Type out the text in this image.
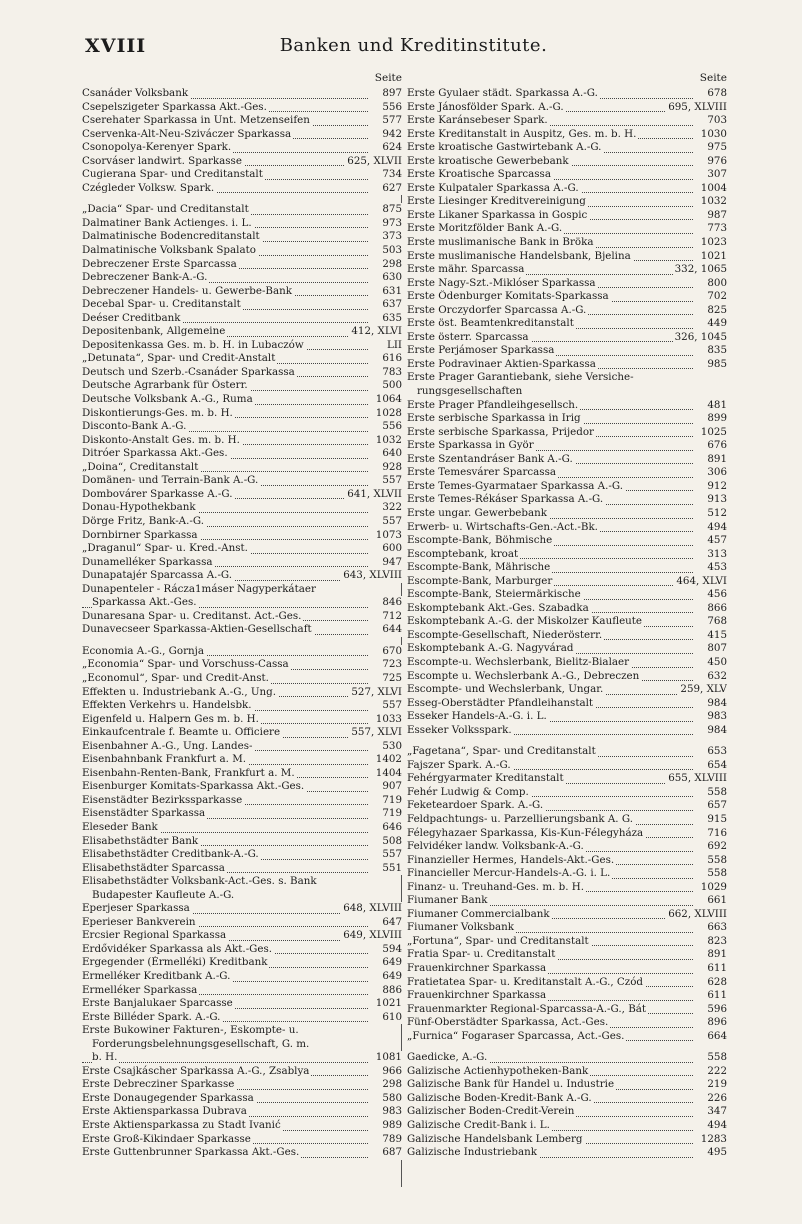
XVIII	Banken und Kreditinstitute.
Seite
Csanáder Volksbank	897
Csepelszigeter Sparkassa Akt.-Ges.	556
Cserehater Sparkassa in Unt. Metzenseifen	577
Cservenka-Alt-Neu-Sziváczer Sparkassa	942
Csonopolya-Kerenyer Spark.	624
Csorváser landwirt. Sparkasse	625, XLVII
Cugierana Spar- und Creditanstalt	734
Czégleder Volksw. Spark.	627
„Dacia“ Spar- und Creditanstalt	875
Dalmatiner Bank Actienges. i. L.	973
Dalmatinische Bodencreditanstalt	373
Dalmatinische Volksbank Spalato	503
Debreczener Erste Sparcassa	298
Debreczener Bank-A.-G.	630
Debreczener Handels- u. Gewerbe-Bank	631
Decebal Spar- u. Creditanstalt	637
Deéser Creditbank	635
Depositenbank, Allgemeine	412, XLVI
Depositenkassa Ges. m. b. H. in Lubaczów	LII
„Detunata“, Spar- und Credit-Anstalt	616
Deutsch und Szerb.-Csanáder Sparkassa	783
Deutsche Agrarbank für Österr.	500
Deutsche Volksbank A.-G., Ruma	1064
Diskontierungs-Ges. m. b. H.	1028
Disconto-Bank A.-G.	556
Diskonto-Anstalt Ges. m. b. H.	1032
Ditróer Sparkassa Akt.-Ges.	640
„Doina“, Creditanstalt	928
Domänen- und Terrain-Bank A.-G.	557
Dombovárer Sparkasse A.-G.	641, XLVII
Donau-Hypothekbank	322
Dörge Fritz, Bank-A.-G.	557
Dornbirner Sparkassa	1073
„Draganul“ Spar- u. Kred.-Anst.	600
Dunamelléker Sparkassa	947
Dunapatajér Sparcassa A.-G.	643, XLVIII
Dunapenteler - Rácza1máser Nagyperkátaer
Sparkassa Akt.-Ges.	846
Dunaresana Spar- u. Creditanst. Act.-Ges.	712
Dunavecseer Sparkassa-Aktien-Gesellschaft	644
Economia A.-G., Gornja	670
„Economia“ Spar- und Vorschuss-Cassa	723
„Economul“, Spar- und Credit-Anst.	725
Effekten u. Industriebank A.-G., Ung.	527, XLVI
Effekten Verkehrs u. Handelsbk.	557
Eigenfeld u. Halpern Ges m. b. H.	1033
Einkaufcentrale f. Beamte u. Officiere	557, XLVI
Eisenbahner A.-G., Ung. Landes-	530
Eisenbahnbank Frankfurt a. M.	1402
Eisenbahn-Renten-Bank, Frankfurt a. M.	1404
Eisenburger Komitats-Sparkassa Akt.-Ges.	907
Eisenstädter Bezirkssparkasse	719
Eisenstädter Sparkassa	719
Eleseder Bank	646
Elisabethstädter Bank	508
Elisabethstädter Creditbank-A.-G.	557
Elisabethstädter Sparcassa	551
Elisabethstädter Volksbank-Act.-Ges. s. Bank
Budapester Kaufleute A.-G.
Eperjeser Sparkassa	648, XLVIII
Eperieser Bankverein	647
Ercsier Regional Sparkassa	649, XLVIII
Erdővidéker Sparkassa als Akt.-Ges.	594
Ergegender (Érmelléki) Kreditbank	649
Ermelléker Kreditbank A.-G.	649
Ermelléker Sparkassa	886
Erste Banjalukaer Sparcasse	1021
Erste Billéder Spark. A.-G.	610
Erste Bukowiner Fakturen-, Eskompte- u.
Forderungsbelehnungsgesellschaft, G. m.
b. H.	1081
Erste Csajkáscher Sparkassa A.-G., Zsablya	966
Erste Debrecziner Sparkasse	298
Erste Donaugegender Sparkassa	580
Erste Aktiensparkassa Dubrava	983
Erste Aktiensparkassa zu Stadt Ivanić	989
Erste Groß-Kikindaer Sparkasse	789
Erste Guttenbrunner Sparkassa Akt.-Ges.	687
Seite
Erste Gyulaer städt. Sparkassa A.-G.	678
Erste Jánosfölder Spark. A.-G.	695, XLVIII
Erste Karánsebeser Spark.	703
Erste Kreditanstalt in Auspitz, Ges. m. b. H.	1030
Erste kroatische Gastwirtebank A.-G.	975
Erste kroatische Gewerbebank	976
Erste Kroatische Sparcassa	307
Erste Kulpataler Sparkassa A.-G.	1004
Erste Liesinger Kreditvereinigung	1032
Erste Likaner Sparkassa in Gospic	987
Erste Moritzfölder Bank A.-G.	773
Erste muslimanische Bank in Bröka	1023
Erste muslimanische Handelsbank, Bjelina	1021
Erste mähr. Sparcassa	332, 1065
Erste Nagy-Szt.-Miklóser Sparkassa	800
Erste Ödenburger Komitats-Sparkassa	702
Erste Orczydorfer Sparcassa A.-G.	825
Erste öst. Beamtenkreditanstalt	449
Erste österr. Sparcassa	326, 1045
Erste Perjámoser Sparkassa	835
Erste Podravinaer Aktien-Sparkassa	985
Erste Prager Garantiebank, siehe Versiche-
rungsgesellschaften
Erste Prager Pfandleihgesellsch.	481
Erste serbische Sparkassa in Irig	899
Erste serbische Sparkassa, Prijedor	1025
Erste Sparkassa in Györ	676
Erste Szentandráser Bank A.-G.	891
Erste Temesvárer Sparcassa	306
Erste Temes-Gyarmataer Sparkassa A.-G.	912
Erste Temes-Rékáser Sparkassa A.-G.	913
Erste ungar. Gewerbebank	512
Erwerb- u. Wirtschafts-Gen.-Act.-Bk.	494
Escompte-Bank, Böhmische	457
Escomptebank, kroat	313
Escompte-Bank, Mährische	453
Escompte-Bank, Marburger	464, XLVI
Escompte-Bank, Steiermärkische	456
Eskomptebank Akt.-Ges. Szabadka	866
Eskomptebank A.-G. der Miskolzer Kaufleute	768
Escompte-Gesellschaft, Niederösterr.	415
Eskomptebank A.-G. Nagyvárad	807
Escompte-u. Wechslerbank, Bielitz-Bialaer	450
Escompte u. Wechslerbank A.-G., Debreczen	632
Escompte- und Wechslerbank, Ungar.	259, XLV
Esseg-Oberstädter Pfandleihanstalt	984
Esseker Handels-A.-G. i. L.	983
Esseker Volksspark.	984
„Fagetana“, Spar- und Creditanstalt	653
Fajszer Spark. A.-G.	654
Fehérgyarmater Kreditanstalt	655, XLVIII
Fehér Ludwig & Comp.	558
Feketeardoer Spark. A.-G.	657
Feldpachtungs- u. Parzellierungsbank A. G.	915
Félegyhazaer Sparkassa, Kis-Kun-Félegyháza	716
Felvidéker landw. Volksbank-A.-G.	692
Finanzieller Hermes, Handels-Akt.-Ges.	558
Financieller Mercur-Handels-A.-G. i. L.	558
Finanz- u. Treuhand-Ges. m. b. H.	1029
Fiumaner Bank	661
Fiumaner Commercialbank	662, XLVIII
Fiumaner Volksbank	663
„Fortuna“, Spar- und Creditanstalt	823
Fratia Spar- u. Creditanstalt	891
Frauenkirchner Sparkassa	611
Fratietatea Spar- u. Kreditanstalt A.-G., Czód	628
Frauenkirchner Sparkassa	611
Frauenmarkter Regional-Sparcassa-A.-G., Bát	596
Fünf-Oberstädter Sparkassa, Act.-Ges.	896
„Furnica“ Fogaraser Sparcassa, Act.-Ges.	664
Gaedicke, A.-G.	558
Galizische Actienhypotheken-Bank	222
Galizische Bank für Handel u. Industrie	219
Galizische Boden-Kredit-Bank A.-G.	226
Galizischer Boden-Credit-Verein	347
Galizische Credit-Bank i. L.	494
Galizische Handelsbank Lemberg	1283
Galizische Industriebank	495
